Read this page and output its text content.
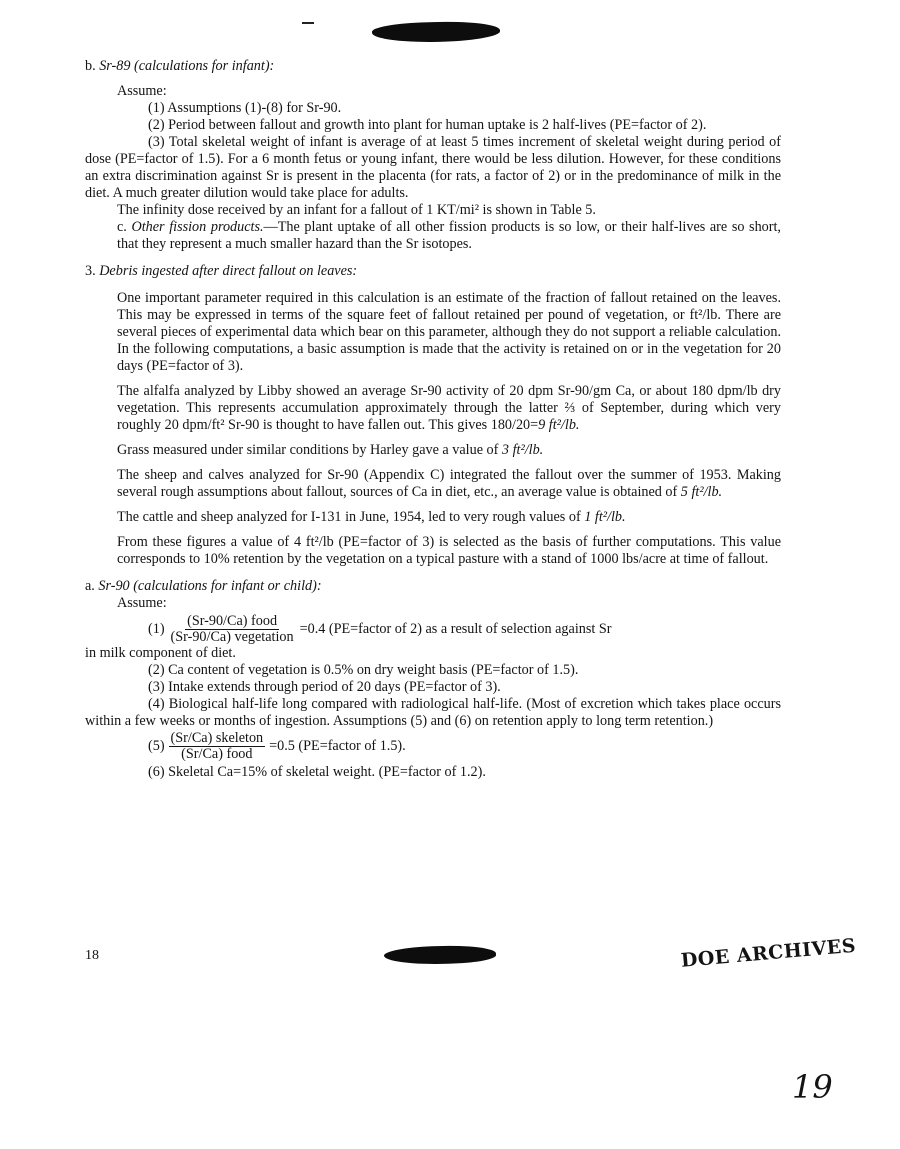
b. Sr-89 (calculations for infant):

Assume:

(1) Assumptions (1)-(8) for Sr-90.

(2) Period between fallout and growth into plant for human uptake is 2 half-lives (PE=factor of 2).

(3) Total skeletal weight of infant is average of at least 5 times increment of skeletal weight during period of dose (PE=factor of 1.5). For a 6 month fetus or young infant, there would be less dilution. However, for these conditions an extra discrimination against Sr is present in the placenta (for rats, a factor of 2) or in the predominance of milk in the diet. A much greater dilution would take place for adults.

The infinity dose received by an infant for a fallout of 1 KT/mi² is shown in Table 5.

c. Other fission products.—The plant uptake of all other fission products is so low, or their half-lives are so short, that they represent a much smaller hazard than the Sr isotopes.

3. Debris ingested after direct fallout on leaves:

One important parameter required in this calculation is an estimate of the fraction of fallout retained on the leaves. This may be expressed in terms of the square feet of fallout retained per pound of vegetation, or ft²/lb. There are several pieces of experimental data which bear on this parameter, although they do not support a reliable calculation. In the following computations, a basic assumption is made that the activity is retained on or in the vegetation for 20 days (PE=factor of 3).

The alfalfa analyzed by Libby showed an average Sr-90 activity of 20 dpm Sr-90/gm Ca, or about 180 dpm/lb dry vegetation. This represents accumulation approximately through the latter ⅔ of September, during which very roughly 20 dpm/ft² Sr-90 is thought to have fallen out. This gives 180/20=9 ft²/lb.

Grass measured under similar conditions by Harley gave a value of 3 ft²/lb.

The sheep and calves analyzed for Sr-90 (Appendix C) integrated the fallout over the summer of 1953. Making several rough assumptions about fallout, sources of Ca in diet, etc., an average value is obtained of 5 ft²/lb.

The cattle and sheep analyzed for I-131 in June, 1954, led to very rough values of 1 ft²/lb.

From these figures a value of 4 ft²/lb (PE=factor of 3) is selected as the basis of further computations. This value corresponds to 10% retention by the vegetation on a typical pasture with a stand of 1000 lbs/acre at time of fallout.

a. Sr-90 (calculations for infant or child):

Assume:

$(1) \frac{\text{(Sr-90/Ca) food}}{\text{(Sr-90/Ca) vegetation}} =0.4$ (PE=factor of 2) as a result of selection against Sr

in milk component of diet.

(2) Ca content of vegetation is 0.5% on dry weight basis (PE=factor of 1.5).

(3) Intake extends through period of 20 days (PE=factor of 3).

(4) Biological half-life long compared with radiological half-life. (Most of excretion which takes place occurs within a few weeks or months of ingestion. Assumptions (5) and (6) on retention apply to long term retention.)

$(5) \frac{\text{(Sr/Ca) skeleton}}{\text{(Sr/Ca) food}} =0.5$ (PE=factor of 1.5).

(6) Skeletal Ca=15% of skeletal weight. (PE=factor of 1.2).

18	DOE ARCHIVES
19
